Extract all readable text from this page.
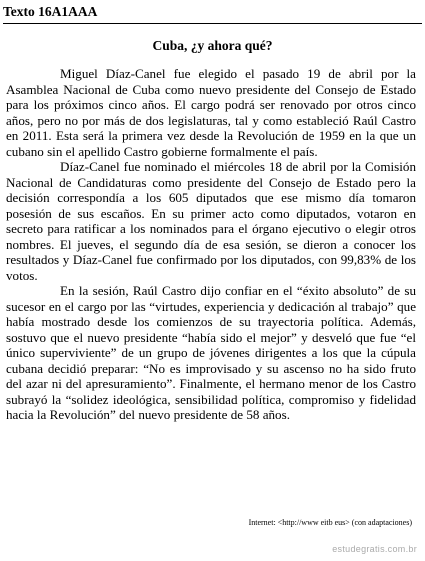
Texto 16A1AAA
Cuba, ¿y ahora qué?

Miguel Díaz-Canel fue elegido el pasado 19 de abril por la Asamblea Nacional de Cuba como nuevo presidente del Consejo de Estado para los próximos cinco años. El cargo podrá ser renovado por otros cinco años, pero no por más de dos legislaturas, tal y como estableció Raúl Castro en 2011. Esta será la primera vez desde la Revolución de 1959 en la que un cubano sin el apellido Castro gobierne formalmente el país.

Díaz-Canel fue nominado el miércoles 18 de abril por la Comisión Nacional de Candidaturas como presidente del Consejo de Estado pero la decisión correspondía a los 605 diputados que ese mismo día tomaron posesión de sus escaños. En su primer acto como diputados, votaron en secreto para ratificar a los nominados para el órgano ejecutivo o elegir otros nombres. El jueves, el segundo día de esa sesión, se dieron a conocer los resultados y Díaz-Canel fue confirmado por los diputados, con 99,83% de los votos.

En la sesión, Raúl Castro dijo confiar en el “éxito absoluto” de su sucesor en el cargo por las “virtudes, experiencia y dedicación al trabajo” que había mostrado desde los comienzos de su trayectoria política. Además, sostuvo que el nuevo presidente “había sido el mejor” y desveló que fue “el único superviviente” de un grupo de jóvenes dirigentes a los que la cúpula cubana decidió preparar: “No es improvisado y su ascenso no ha sido fruto del azar ni del apresuramiento”. Finalmente, el hermano menor de los Castro subrayó la “solidez ideológica, sensibilidad política, compromiso y fidelidad hacia la Revolución” del nuevo presidente de 58 años.

Internet: <http://www eitb eus> (con adaptaciones)
estudegratis.com.br
